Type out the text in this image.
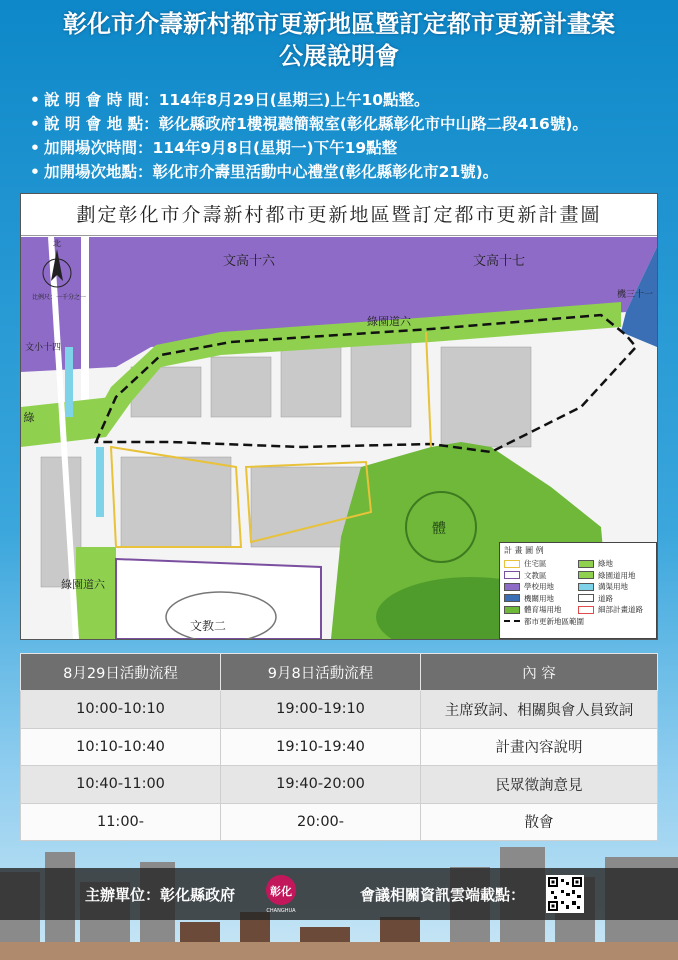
彰化市介壽新村都市更新地區暨訂定都市更新計畫案
公展說明會
• 說 明 會 時 間：114年8月29日(星期三)上午10點整。
• 說 明 會 地 點：彰化縣政府1樓視聽簡報室(彰化縣彰化市中山路二段416號)。
• 加開場次時間：114年9月8日(星期一)下午19點整
• 加開場次地點：彰化市介壽里活動中心禮堂(彰化縣彰化市21號)。
劃定彰化市介壽新村都市更新地區暨訂定都市更新計畫圖
北
比例尺：一千分之一
文高十六	文高十七
綠園道六
綠園道六
文小十四
文教二
體
機三十一
綠
計 畫 圖 例
住宅區	綠地
文教區	綠園道用地
學校用地	溝渠用地
機關用地	道路
體育場用地	細部計畫道路
都市更新地區範圍
8月29日活動流程	9月8日活動流程	內 容
10:00-10:10	19:00-19:10	主席致詞、相關與會人員致詞
10:10-10:40	19:10-19:40	計畫內容說明
10:40-11:00	19:40-20:00	民眾徵詢意見
11:00-	20:00-	散會
主辦單位：彰化縣政府	彰化
CHANGHUA
會議相關資訊雲端載點：
